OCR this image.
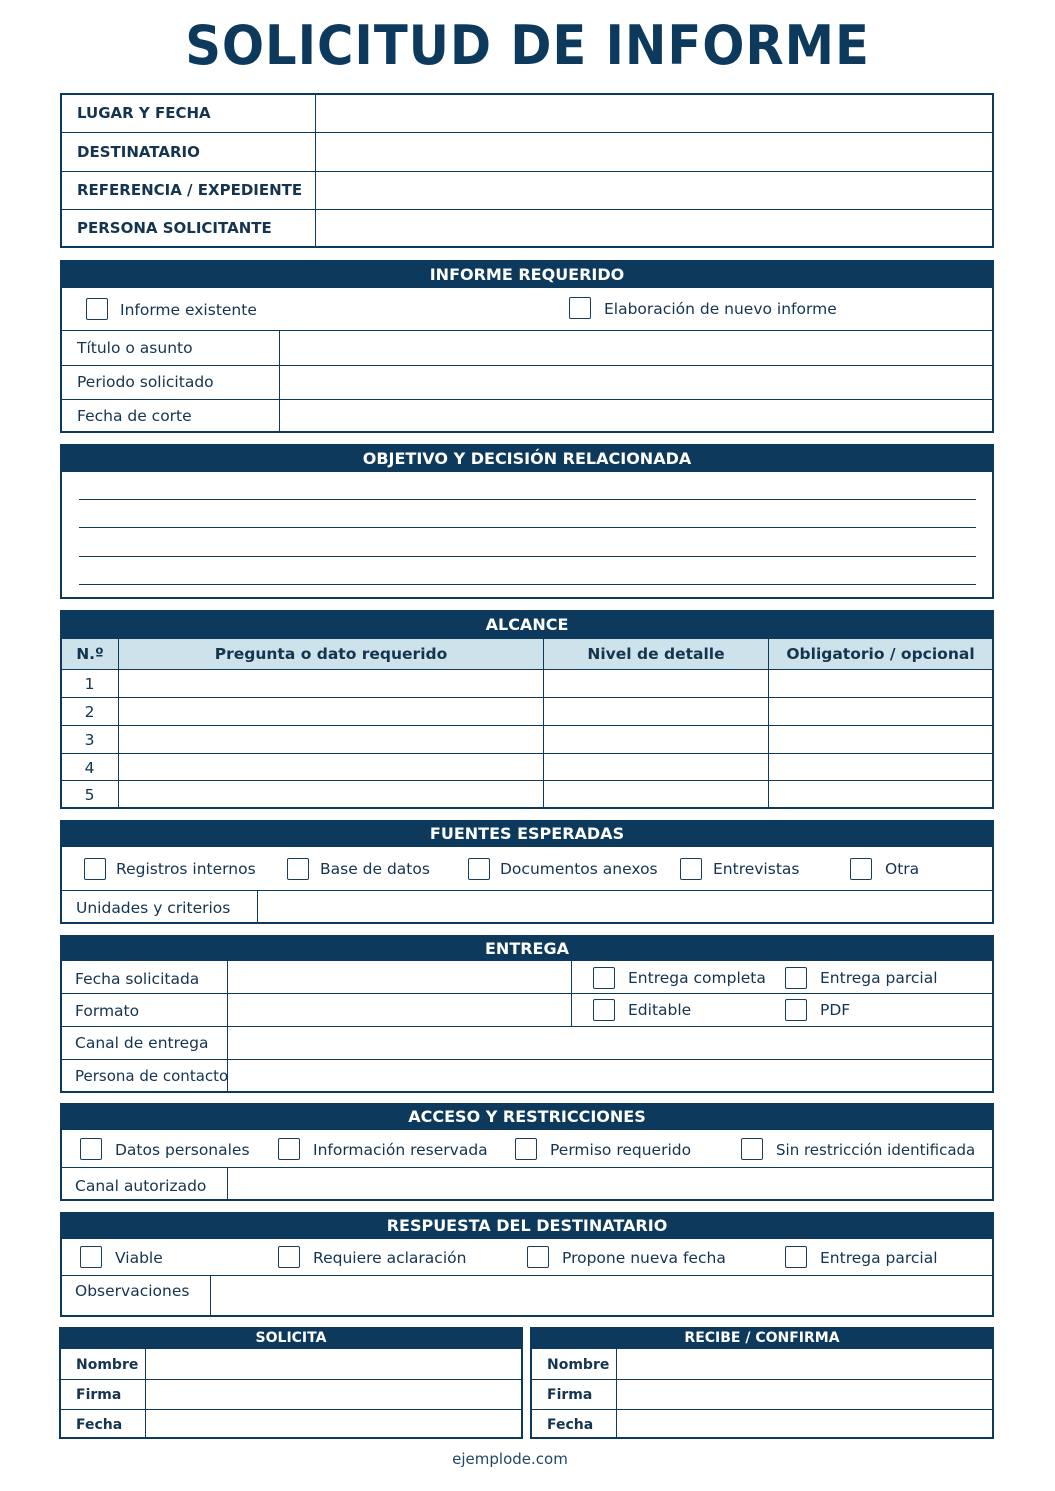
SOLICITUD DE INFORME
LUGAR Y FECHA
DESTINATARIO
REFERENCIA / EXPEDIENTE
PERSONA SOLICITANTE
INFORME REQUERIDO
Informe existente	Elaboración de nuevo informe
Título o asunto
Periodo solicitado
Fecha de corte
OBJETIVO Y DECISIÓN RELACIONADA
ALCANCE
N.º	Pregunta o dato requerido	Nivel de detalle	Obligatorio / opcional
1
2
3
4
5
FUENTES ESPERADAS
Registros internos	Base de datos	Documentos anexos	Entrevistas	Otra
Unidades y criterios
ENTREGA
Fecha solicitada
Formato
Canal de entrega
Persona de contacto
Entrega completa	Entrega parcial
Editable	PDF
ACCESO Y RESTRICCIONES
Datos personales	Información reservada	Permiso requerido	Sin restricción identificada
Canal autorizado
RESPUESTA DEL DESTINATARIO
Viable	Requiere aclaración	Propone nueva fecha	Entrega parcial
Observaciones
SOLICITA
Nombre
Firma
Fecha
RECIBE / CONFIRMA
Nombre
Firma
Fecha
ejemplode.com
